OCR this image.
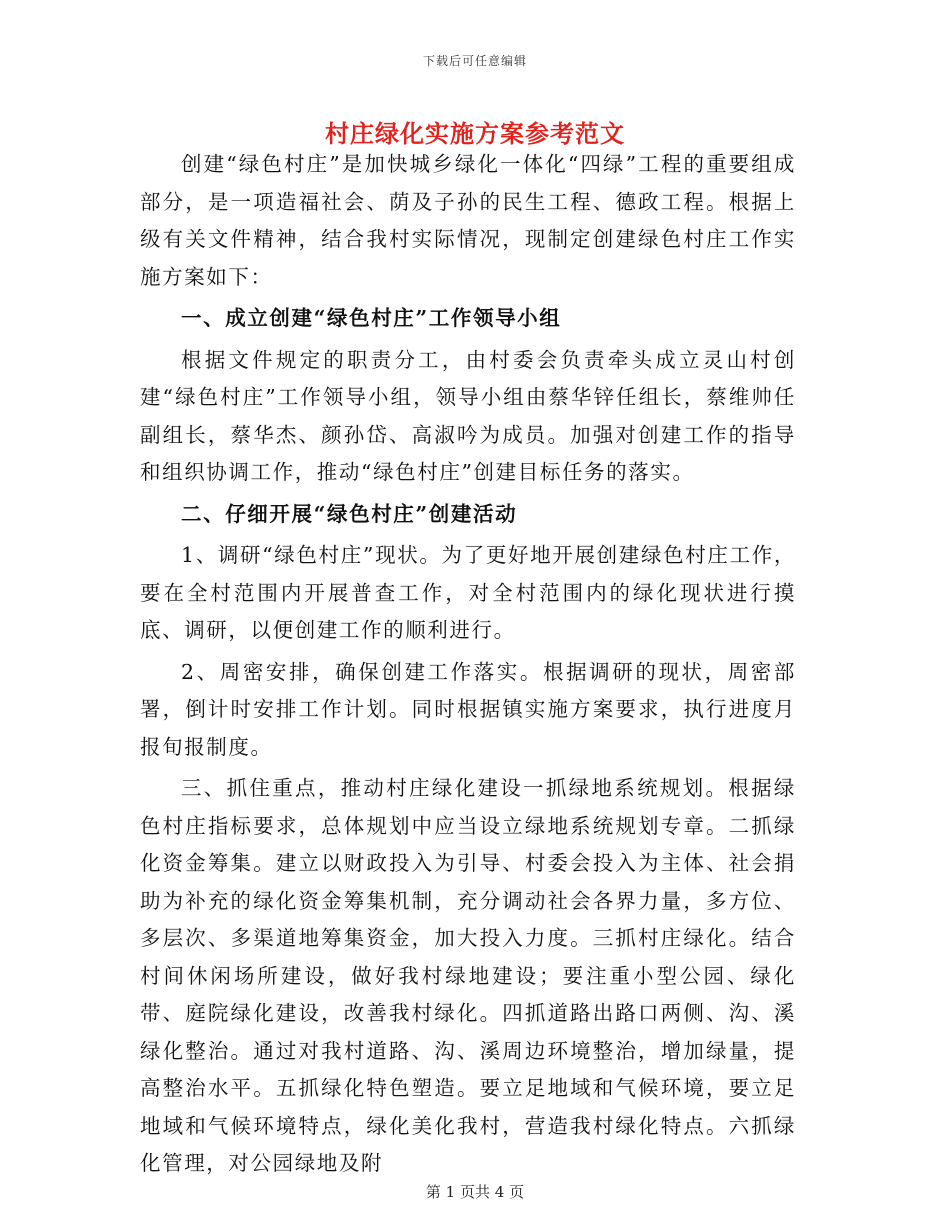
下载后可任意编辑
村庄绿化实施方案参考范文

创建“绿色村庄”是加快城乡绿化一体化“四绿”工程的重要组成部分，是一项造福社会、荫及子孙的民生工程、德政工程。根据上级有关文件精神，结合我村实际情况，现制定创建绿色村庄工作实施方案如下：

一、成立创建“绿色村庄”工作领导小组

根据文件规定的职责分工，由村委会负责牵头成立灵山村创建“绿色村庄”工作领导小组，领导小组由蔡华锌任组长，蔡维帅任副组长，蔡华杰、颜孙岱、高淑吟为成员。加强对创建工作的指导和组织协调工作，推动“绿色村庄”创建目标任务的落实。

二、仔细开展“绿色村庄”创建活动

1、调研“绿色村庄”现状。为了更好地开展创建绿色村庄工作，要在全村范围内开展普查工作，对全村范围内的绿化现状进行摸底、调研，以便创建工作的顺利进行。

2、周密安排，确保创建工作落实。根据调研的现状，周密部署，倒计时安排工作计划。同时根据镇实施方案要求，执行进度月报旬报制度。

三、抓住重点，推动村庄绿化建设一抓绿地系统规划。根据绿色村庄指标要求，总体规划中应当设立绿地系统规划专章。二抓绿化资金筹集。建立以财政投入为引导、村委会投入为主体、社会捐助为补充的绿化资金筹集机制，充分调动社会各界力量，多方位、多层次、多渠道地筹集资金，加大投入力度。三抓村庄绿化。结合村间休闲场所建设，做好我村绿地建设；要注重小型公园、绿化带、庭院绿化建设，改善我村绿化。四抓道路出路口两侧、沟、溪绿化整治。通过对我村道路、沟、溪周边环境整治，增加绿量，提高整治水平。五抓绿化特色塑造。要立足地域和气候环境，要立足地域和气候环境特点，绿化美化我村，营造我村绿化特点。六抓绿化管理，对公园绿地及附

第 1 页共 4 页
